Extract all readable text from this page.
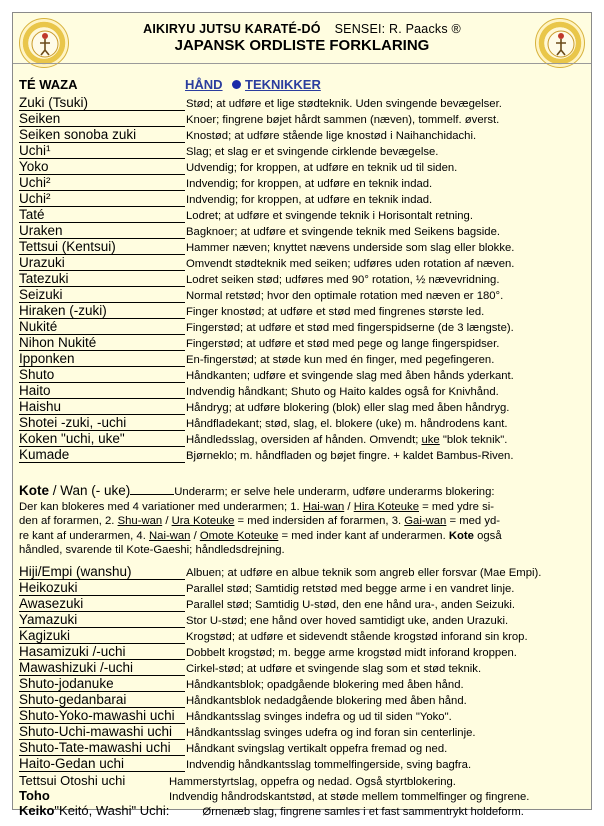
AIKIRYU JUTSU KARATÉ-DÓ SENSEI: R. Paacks ®
JAPANSK ORDLISTE FORKLARING
TÉ WAZA	HÅND TEKNIKKER
Zuki (Tsuki)	Stød; at udføre et lige stødteknik. Uden svingende bevægelser.
Seiken	Knoer; fingrene bøjet hårdt sammen (næven), tommelf. øverst.
Seiken sonoba zuki	Knostød; at udføre stående lige knostød i Naihanchidachi.
Uchi¹	Slag; et slag er et svingende cirklende bevægelse.
Yoko	Udvendig; for kroppen, at udføre en teknik ud til siden.
Uchi²	Indvendig; for kroppen, at udføre en teknik indad.
Uchi²	Indvendig; for kroppen, at udføre en teknik indad.
Taté	Lodret; at udføre et svingende teknik i Horisontalt retning.
Uraken	Bagknoer; at udføre et svingende teknik med Seikens bagside.
Tettsui (Kentsui)	Hammer næven; knyttet nævens underside som slag eller blokke.
Urazuki	Omvendt stødteknik med seiken; udføres uden rotation af næven.
Tatezuki	Lodret seiken stød; udføres med 90° rotation, ½ nævevridning.
Seizuki	Normal retstød; hvor den optimale rotation med næven er 180°.
Hiraken (-zuki)	Finger knostød; at udføre et stød med fingrenes største led.
Nukité	Fingerstød; at udføre et stød med fingerspidserne (de 3 længste).
Nihon Nukité	Fingerstød; at udføre et stød med pege og lange fingerspidser.
Ipponken	En-fingerstød; at støde kun med én finger, med pegefingeren.
Shuto	Håndkanten; udføre et svingende slag med åben hånds yderkant.
Haito	Indvendig håndkant; Shuto og Haito kaldes også for Knivhånd.
Haishu	Håndryg; at udføre blokering (blok) eller slag med åben håndryg.
Shotei -zuki, -uchi	Håndfladekant; stød, slag, el. blokere (uke) m. håndrodens kant.
Koken "uchi, uke"	Håndledsslag, oversiden af hånden. Omvendt; uke "blok teknik".
Kumade	Bjørneklo; m. håndfladen og bøjet fingre. + kaldet Bambus-Riven.
Kote / Wan (- uke)	Underarm; er selve hele underarm, udføre underarms blokering:
Der kan blokeres med 4 variationer med underarmen; 1. Hai-wan / Hira Koteuke = med ydre si-
den af forarmen, 2. Shu-wan / Ura Koteuke = med indersiden af forarmen, 3. Gai-wan = med yd-
re kant af underarmen, 4. Nai-wan / Omote Koteuke = med inder kant af underarmen. Kote også
håndled, svarende til Kote-Gaeshi; håndledsdrejning.
Hiji/Empi (wanshu)	Albuen; at udføre en albue teknik som angreb eller forsvar (Mae Empi).
Heikozuki	Parallel stød; Samtidig retstød med begge arme i en vandret linje.
Awasezuki	Parallel stød; Samtidig U-stød, den ene hånd ura-, anden Seizuki.
Yamazuki	Stor U-stød; ene hånd over hoved samtidigt uke, anden Urazuki.
Kagizuki	Krogstød; at udføre et sidevendt stående krogstød inforand sin krop.
Hasamizuki /-uchi	Dobbelt krogstød; m. begge arme krogstød midt inforand kroppen.
Mawashizuki /-uchi	Cirkel-stød; at udføre et svingende slag som et stød teknik.
Shuto-jodanuke	Håndkantsblok; opadgående blokering med åben hånd.
Shuto-gedanbarai	Håndkantsblok nedadgående blokering med åben hånd.
Shuto-Yoko-mawashi uchi	Håndkantsslag svinges indefra og ud til siden "Yoko".
Shuto-Uchi-mawashi uchi	Håndkantsslag svinges udefra og ind foran sin centerlinje.
Shuto-Tate-mawashi uchi	Håndkant svingslag vertikalt oppefra fremad og ned.
Haito-Gedan uchi	Indvendig håndkantsslag tommelfingerside, sving bagfra.
Tettsui Otoshi uchi	Hammerstyrtslag, oppefra og nedad. Også styrtblokering.
Toho	Indvendig håndrodskantstød, at støde mellem tommelfinger og fingrene.
Keiko"Keitó, Washi" Uchi:	Ørnenæb slag, fingrene samles i et fast sammentrykt holdeform.
